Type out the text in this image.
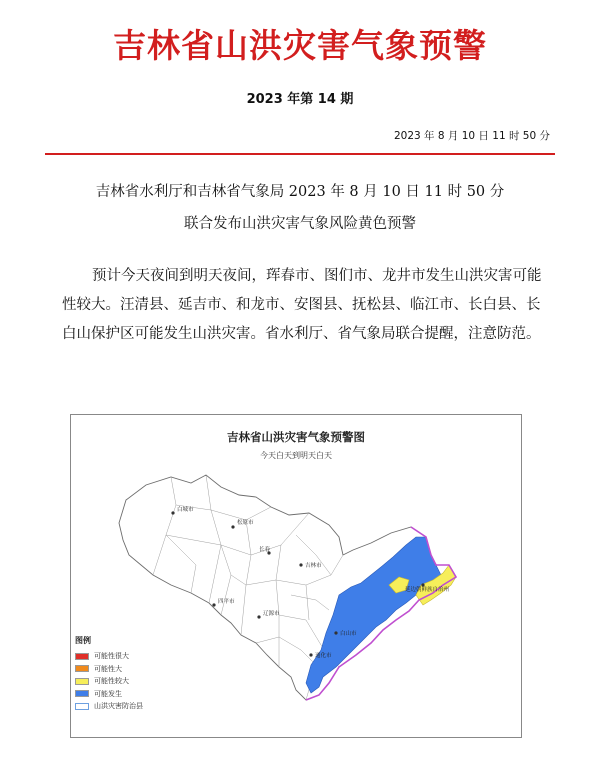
吉林省山洪灾害气象预警
2023 年第 14 期
2023 年 8 月 10 日 11 时 50 分
吉林省水利厅和吉林省气象局 2023 年 8 月 10 日 11 时 50 分
联合发布山洪灾害气象风险黄色预警
预计今天夜间到明天夜间，珲春市、图们市、龙井市发生山洪灾害可能性较大。汪清县、延吉市、和龙市、安图县、抚松县、临江市、长白县、长白山保护区可能发生山洪灾害。省水利厅、省气象局联合提醒，注意防范。
吉林省山洪灾害气象预警图
今天白天到明天白天
白城市
松原市
四平市
辽源市
吉林市
长春
通化市
白山市
延边朝鲜族自治州
图例
可能性很大
可能性大
可能性较大
可能发生
山洪灾害防治县
